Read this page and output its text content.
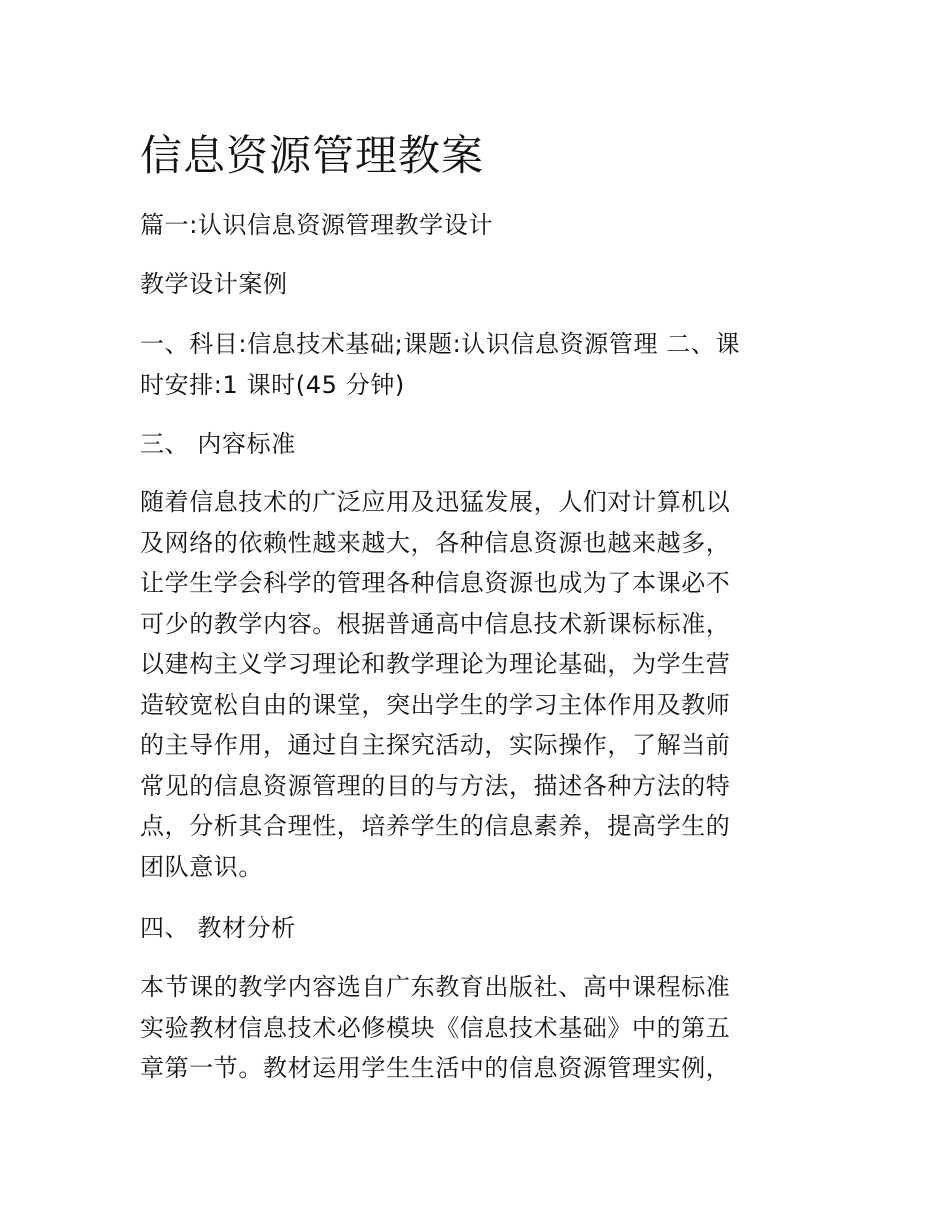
信息资源管理教案

篇一:认识信息资源管理教学设计

教学设计案例

一、科目:信息技术基础;课题:认识信息资源管理 二、课
时安排:1 课时(45 分钟)

三、 内容标准

随着信息技术的广泛应用及迅猛发展，人们对计算机以
及网络的依赖性越来越大，各种信息资源也越来越多，
让学生学会科学的管理各种信息资源也成为了本课必不
可少的教学内容。根据普通高中信息技术新课标标准，
以建构主义学习理论和教学理论为理论基础，为学生营
造较宽松自由的课堂，突出学生的学习主体作用及教师
的主导作用，通过自主探究活动，实际操作，了解当前
常见的信息资源管理的目的与方法，描述各种方法的特
点，分析其合理性，培养学生的信息素养，提高学生的
团队意识。

四、 教材分析

本节课的教学内容选自广东教育出版社、高中课程标准
实验教材信息技术必修模块《信息技术基础》中的第五
章第一节。教材运用学生生活中的信息资源管理实例，
